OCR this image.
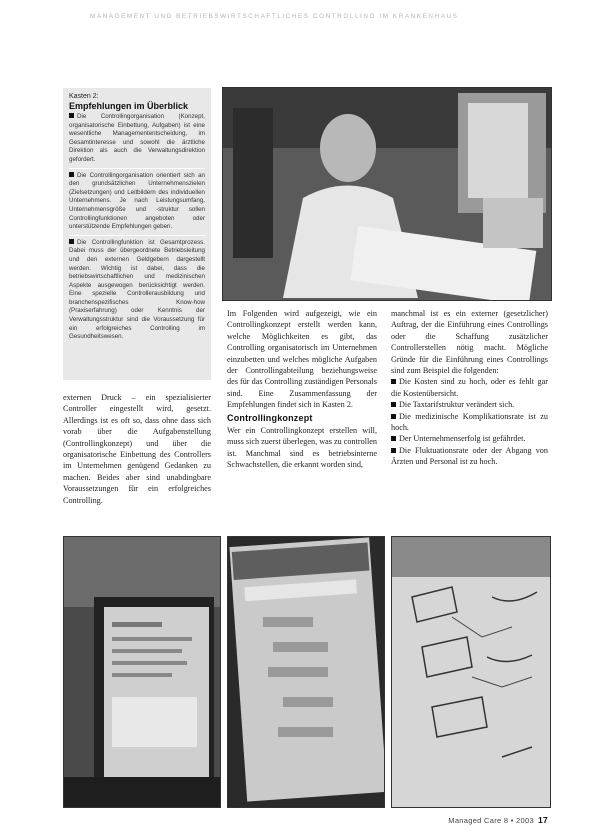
MANAGEMENT UND BETRIEBSWIRTSCHAFTLICHES CONTROLLING IM KRANKENHAUS
Kasten 2:
Empfehlungen im Überblick
Die Controllingorganisation (Konzept, organisatorische Einbettung, Aufgaben) ist eine wesentliche Managemententscheidung, im Gesamtinteresse und sowohl die ärztliche Direktion als auch die Verwaltungsdirektion gefordert.
Die Controllingorganisation orientiert sich an den grundsätzlichen Unternehmenszielen (Zielsetzungen) und Leitbildern des individuellen Unternehmens. Je nach Leistungsumfang, Unternehmensgröße und -struktur sollen Controllingfunktionen angeboten oder unterstützende Empfehlungen geben.
Die Controllingfunktion ist Gesamtprozess. Dabei muss der übergeordnete Betriebsleitung und den externen Geldgebern dargestellt werden. Wichtig ist dabei, dass die betriebswirtschaftlichen und medizinischen Aspekte ausgewogen berücksichtigt werden. Eine spezielle Controllerausbildung und branchenspezifisches Know-how (Praxiserfahrung) oder Kenntnis der Verwaltungsstruktur sind die Voraussetzung für ein erfolgreiches Controlling im Gesundheitswesen.

externen Druck – ein spezialisierter Controller eingestellt wird, gesetzt. Allerdings ist es oft so, dass ohne dass sich vorab über die Aufgabenstellung (Controllingkonzept) und über die organisatorische Einbettung des Controllers im Unternehmen genügend Gedanken zu machen. Beides aber sind unabdingbare Voraussetzungen für ein erfolgreiches Controlling.

Im Folgenden wird aufgezeigt, wie ein Controllingkonzept erstellt werden kann, welche Möglichkeiten es gibt, das Controlling organisatorisch im Unternehmen einzubetten und welches mögliche Aufgaben der Controllingabteilung beziehungsweise des für das Controlling zuständigen Personals sind. Eine Zusammenfassung der Empfehlungen findet sich in Kasten 2.

Controllingkonzept

Wer ein Controllingkonzept erstellen will, muss sich zuerst überlegen, was zu controllen ist. Manchmal sind es betriebsinterne Schwachstellen, die erkannt worden sind,

manchmal ist es ein externer (gesetzlicher) Auftrag, der die Einführung eines Controllings oder die Schaffung zusätzlicher Controllerstellen nötig macht. Mögliche Gründe für die Einführung eines Controllings sind zum Beispiel die folgenden:

Die Kosten sind zu hoch, oder es fehlt gar die Kostenübersicht.
Die Taxtarifstruktur verändert sich.
Die medizinische Komplikationsrate ist zu hoch.
Der Unternehmenserfolg ist gefährdet.
Die Fluktuationsrate oder der Abgang von Ärzten und Personal ist zu hoch.
Managed Care 8 • 2003 17
